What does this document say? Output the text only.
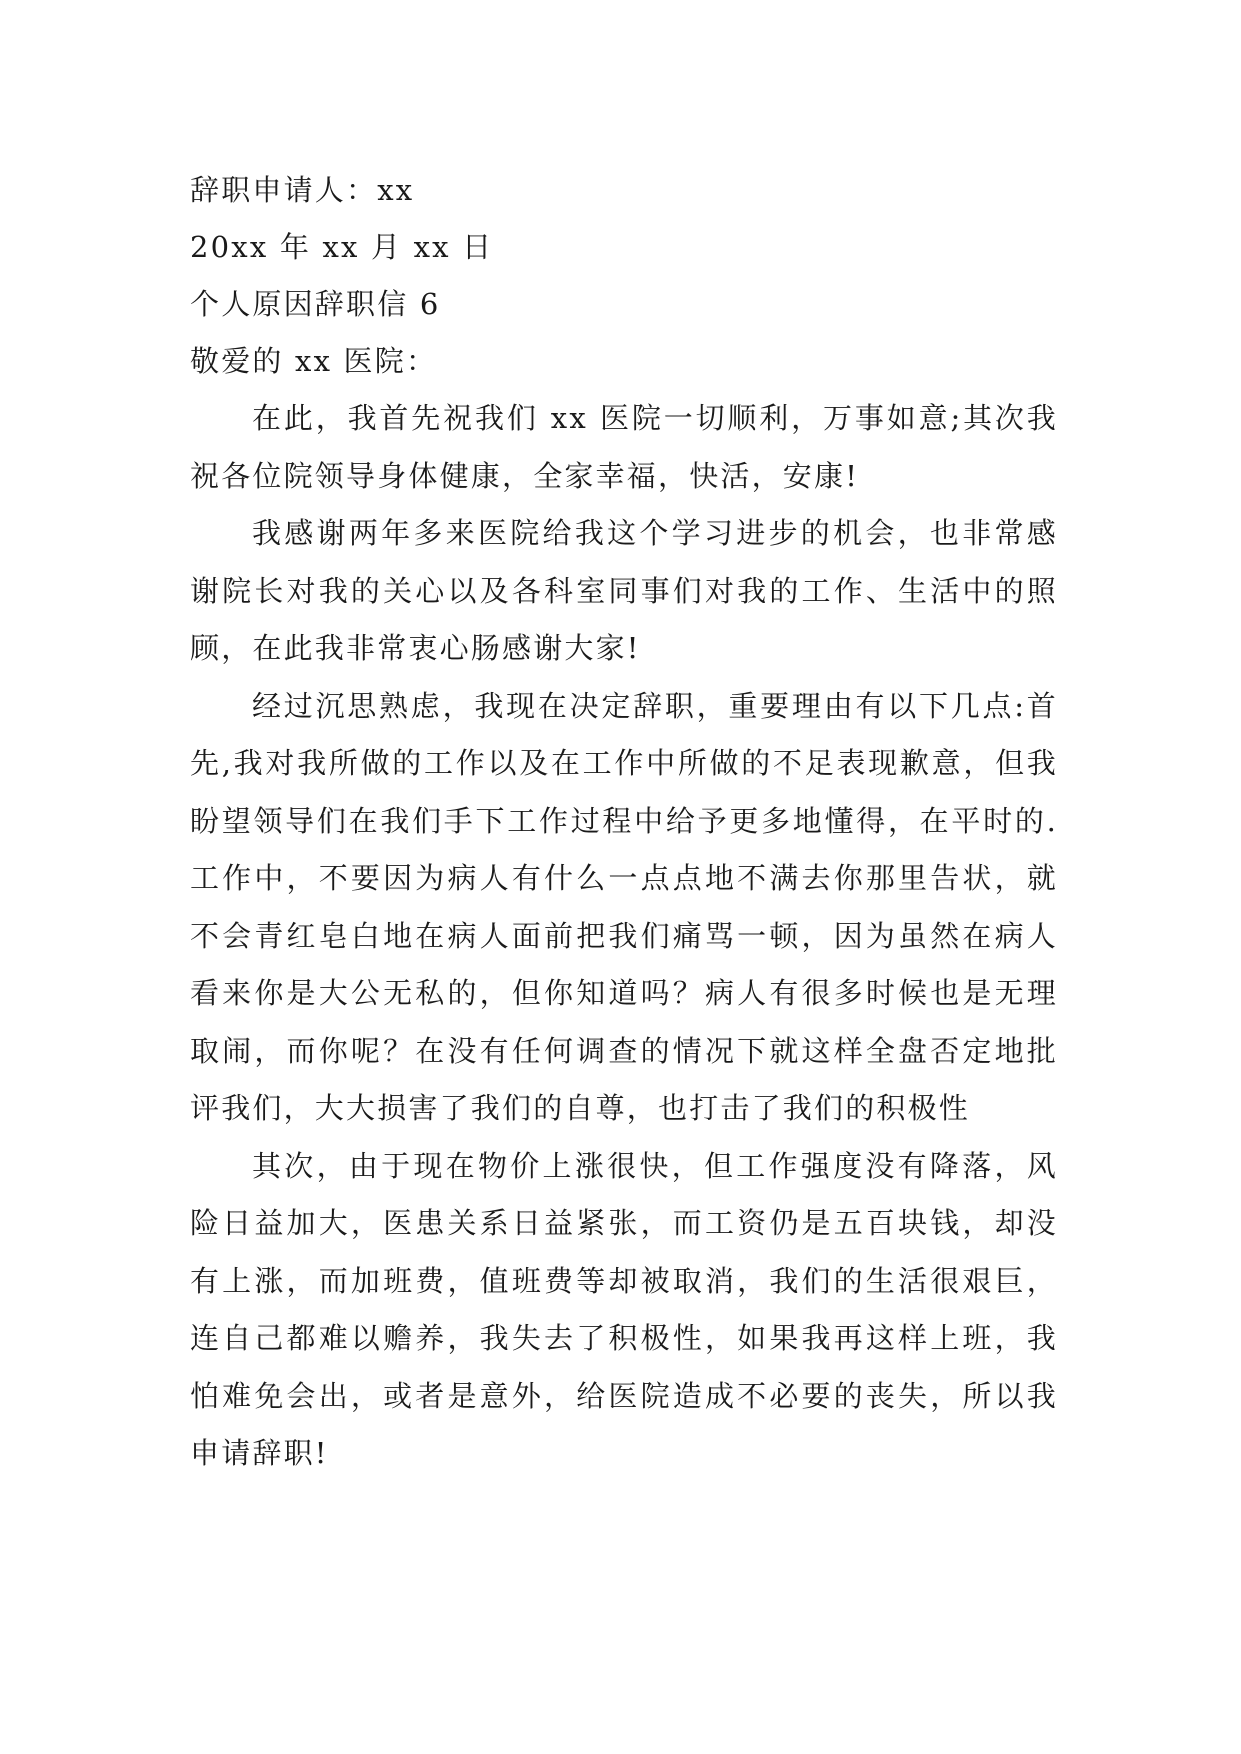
辞职申请人：xx

20xx 年 xx 月 xx 日

个人原因辞职信 6

敬爱的 xx 医院：

在此，我首先祝我们 xx 医院一切顺利，万事如意;其次我祝各位院领导身体健康，全家幸福，快活，安康!

我感谢两年多来医院给我这个学习进步的机会，也非常感谢院长对我的关心以及各科室同事们对我的工作、生活中的照顾，在此我非常衷心肠感谢大家!

经过沉思熟虑，我现在决定辞职，重要理由有以下几点:首先,我对我所做的工作以及在工作中所做的不足表现歉意，但我盼望领导们在我们手下工作过程中给予更多地懂得，在平时的.工作中，不要因为病人有什么一点点地不满去你那里告状，就不会青红皂白地在病人面前把我们痛骂一顿，因为虽然在病人看来你是大公无私的，但你知道吗？病人有很多时候也是无理取闹，而你呢？在没有任何调查的情况下就这样全盘否定地批评我们，大大损害了我们的自尊，也打击了我们的积极性

其次，由于现在物价上涨很快，但工作强度没有降落，风险日益加大，医患关系日益紧张，而工资仍是五百块钱，却没有上涨，而加班费，值班费等却被取消，我们的生活很艰巨，连自己都难以赡养，我失去了积极性，如果我再这样上班，我怕难免会出，或者是意外，给医院造成不必要的丧失，所以我申请辞职!
